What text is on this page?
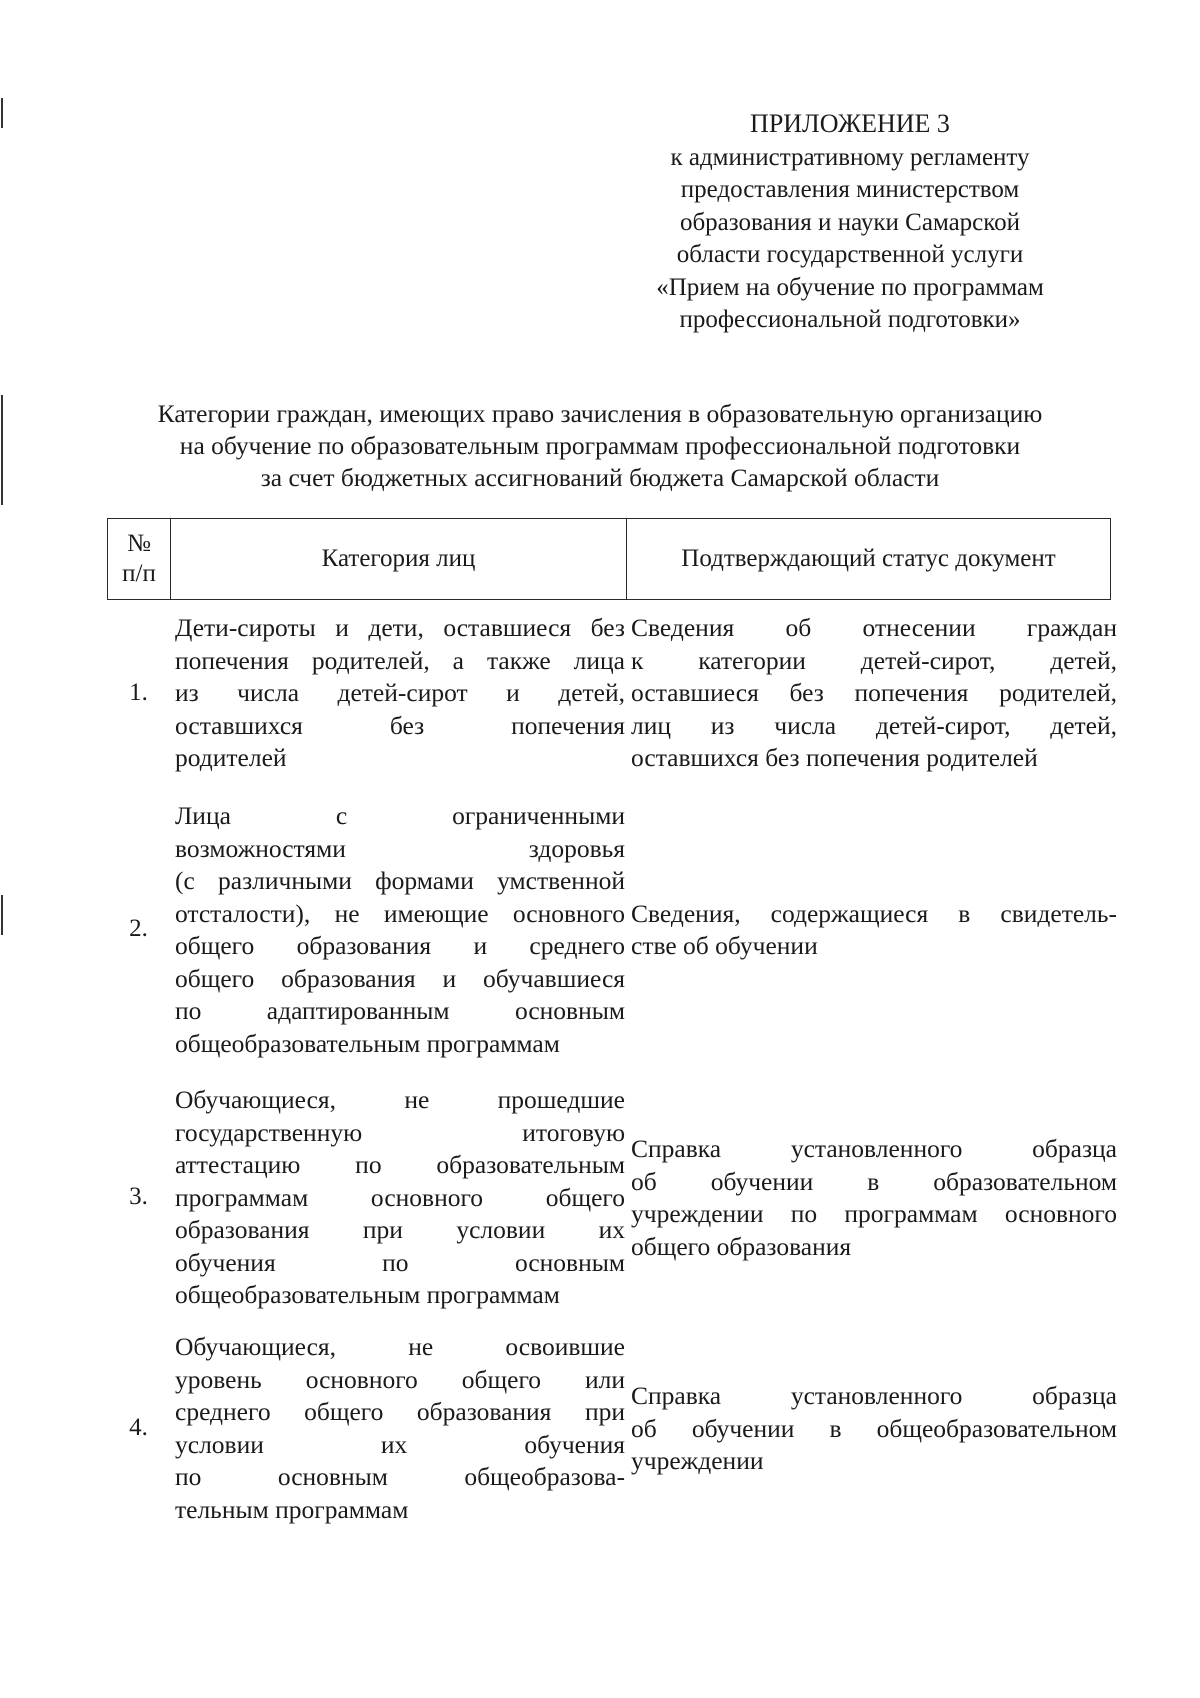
ПРИЛОЖЕНИЕ 3
к административному регламенту
предоставления министерством
образования и науки Самарской
области государственной услуги
«Прием на обучение по программам
профессиональной подготовки»
Категории граждан, имеющих право зачисления в образовательную организацию
на обучение по образовательным программам профессиональной подготовки
за счет бюджетных ассигнований бюджета Самарской области
№
п/п
Категория лиц	Подтверждающий статус документ
1.
Дети-сироты и дети, оставшиеся без
попечения родителей, а также лица
из числа детей-сирот и детей,
оставшихся без попечения
родителей
Сведения об отнесении граждан
к категории детей-сирот, детей,
оставшиеся без попечения родителей,
лиц из числа детей-сирот, детей,
оставшихся без попечения родителей
2.
Лица с ограниченными
возможностями здоровья
(с различными формами умственной
отсталости), не имеющие основного
общего образования и среднего
общего образования и обучавшиеся
по адаптированным основным
общеобразовательным программам
Сведения, содержащиеся в свидетель-
стве об обучении
3.
Обучающиеся, не прошедшие
государственную итоговую
аттестацию по образовательным
программам основного общего
образования при условии их
обучения по основным
общеобразовательным программам
Справка установленного образца
об обучении в образовательном
учреждении по программам основного
общего образования
4.
Обучающиеся, не освоившие
уровень основного общего или
среднего общего образования при
условии их обучения
по основным общеобразова-
тельным программам
Справка установленного образца
об обучении в общеобразовательном
учреждении
